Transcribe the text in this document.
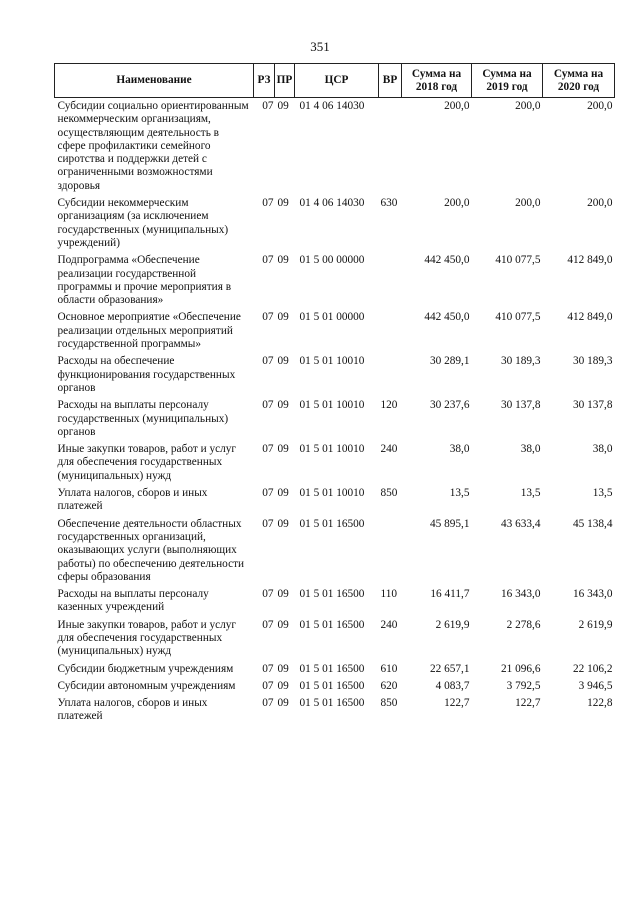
351
Наименование	РЗ	ПР	ЦСР	ВР	Сумма на 2018 год	Сумма на 2019 год	Сумма на 2020 год
Субсидии социально ориентированным некоммерческим организациям, осуществляющим деятельность в сфере профилактики семейного сиротства и поддержки детей с ограниченными возможностями здоровья	07	09	01 4 06 14030		200,0	200,0	200,0
Субсидии некоммерческим организациям (за исключением государственных (муниципальных) учреждений)	07	09	01 4 06 14030	630	200,0	200,0	200,0
Подпрограмма «Обеспечение реализации государственной программы и прочие мероприятия в области образования»	07	09	01 5 00 00000		442 450,0	410 077,5	412 849,0
Основное мероприятие «Обеспечение реализации отдельных мероприятий государственной программы»	07	09	01 5 01 00000		442 450,0	410 077,5	412 849,0
Расходы на обеспечение функционирования государственных органов	07	09	01 5 01 10010		30 289,1	30 189,3	30 189,3
Расходы на выплаты персоналу государственных (муниципальных) органов	07	09	01 5 01 10010	120	30 237,6	30 137,8	30 137,8
Иные закупки товаров, работ и услуг для обеспечения государственных (муниципальных) нужд	07	09	01 5 01 10010	240	38,0	38,0	38,0
Уплата налогов, сборов и иных платежей	07	09	01 5 01 10010	850	13,5	13,5	13,5
Обеспечение деятельности областных государственных организаций, оказывающих услуги (выполняющих работы) по обеспечению деятельности сферы образования	07	09	01 5 01 16500		45 895,1	43 633,4	45 138,4
Расходы на выплаты персоналу казенных учреждений	07	09	01 5 01 16500	110	16 411,7	16 343,0	16 343,0
Иные закупки товаров, работ и услуг для обеспечения государственных (муниципальных) нужд	07	09	01 5 01 16500	240	2 619,9	2 278,6	2 619,9
Субсидии бюджетным учреждениям	07	09	01 5 01 16500	610	22 657,1	21 096,6	22 106,2
Субсидии автономным учреждениям	07	09	01 5 01 16500	620	4 083,7	3 792,5	3 946,5
Уплата налогов, сборов и иных платежей	07	09	01 5 01 16500	850	122,7	122,7	122,8
